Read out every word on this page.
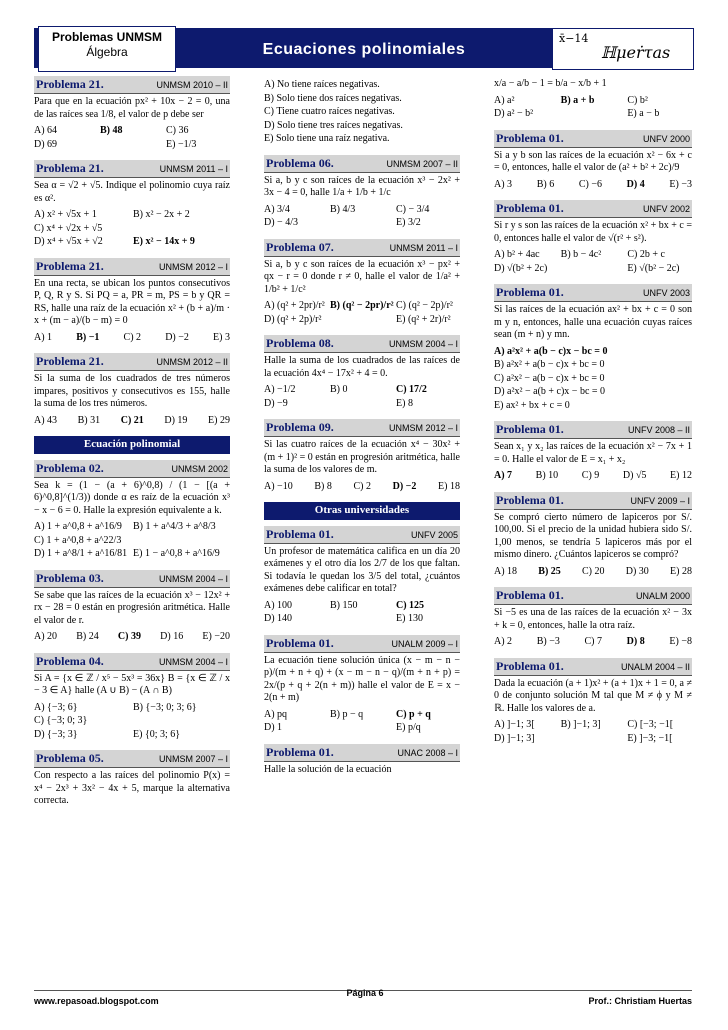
Problemas UNMSM
Álgebra	Ecuaciones polinomiales
x̄−14
ℍμeṙτas
Problema 21.	UNMSM 2010 – II
Para que en la ecuación px² + 10x − 2 = 0, una de las raíces sea 1/8, el valor de p debe ser
A) 64	B) 48	C) 36
D) 69	E) −1/3
Problema 21.	UNMSM 2011 – I
Sea α = √2 + √5. Indique el polinomio cuya raíz es α².
A) x² + √5x + 1	B) x² − 2x + 2
C) x⁴ + √2x + √5
D) x⁴ + √5x + √2	E) x² − 14x + 9
Problema 21.	UNMSM 2012 – I
En una recta, se ubican los puntos consecutivos P, Q, R y S. Si PQ = a, PR = m, PS = b y QR = RS, halle una raíz de la ecuación x² + (b + a)/m · x + (m − a)/(b − m) = 0
A) 1 B) −1 C) 2 D) −2 E) 3
Problema 21.	UNMSM 2012 – II
Si la suma de los cuadrados de tres números impares, positivos y consecutivos es 155, halle la suma de los tres números.
A) 43 B) 31 C) 21 D) 19 E) 29
Ecuación polinomial
Problema 02.	UNMSM 2002
Sea k = (1 − (a + 6)^0,8) / (1 − [(a + 6)^0,8]^(1/3)) donde α es raíz de la ecuación x³ − x − 6 = 0. Halle la expresión equivalente a k.
A) 1 + a^0,8 + a^16/9	B) 1 + a^4/3 + a^8/3
C) 1 + a^0,8 + a^22/3
D) 1 + a^8/1 + a^16/81 E) 1 − a^0,8 + a^16/9
Problema 03.	UNMSM 2004 – I
Se sabe que las raíces de la ecuación x³ − 12x² + rx − 28 = 0 están en progresión aritmética. Halle el valor de r.
A) 20 B) 24 C) 39 D) 16 E) −20
Problema 04.	UNMSM 2004 – I
Si A = {x ∈ ℤ / x⁵ − 5x³ = 36x} B = {x ∈ ℤ / x − 3 ∈ A} halle (A ∪ B) − (A ∩ B)
A) {−3; 6}	B) {−3; 0; 3; 6}
C) {−3; 0; 3}
D) {−3; 3}	E) {0; 3; 6}
Problema 05.	UNMSM 2007 – I
Con respecto a las raíces del polinomio P(x) = x⁴ − 2x³ + 3x² − 4x + 5, marque la alternativa correcta.
A) No tiene raíces negativas.
B) Solo tiene dos raíces negativas.
C) Tiene cuatro raíces negativas.
D) Solo tiene tres raíces negativas.
E) Solo tiene una raíz negativa.
Problema 06.	UNMSM 2007 – II
Si a, b y c son raíces de la ecuación x³ − 2x² + 3x − 4 = 0, halle 1/a + 1/b + 1/c
A) 3/4	B) 4/3	C) − 3/4
D) − 4/3	E) 3/2
Problema 07.	UNMSM 2011 – I
Si a, b y c son raíces de la ecuación x³ − px² + qx − r = 0 donde r ≠ 0, halle el valor de 1/a² + 1/b² + 1/c²
A) (q² + 2pr)/r² B) (q² − 2pr)/r² C) (q² − 2p)/r²
D) (q² + 2p)/r²	E) (q² + 2r)/r²
Problema 08.	UNMSM 2004 – I
Halle la suma de los cuadrados de las raíces de la ecuación 4x⁴ − 17x² + 4 = 0.
A) −1/2	B) 0	C) 17/2
D) −9	E) 8
Problema 09.	UNMSM 2012 – I
Si las cuatro raíces de la ecuación x⁴ − 30x² + (m + 1)² = 0 están en progresión aritmética, halle la suma de los valores de m.
A) −10 B) 8 C) 2 D) −2 E) 18
Otras universidades
Problema 01.	UNFV 2005
Un profesor de matemática califica en un día 20 exámenes y el otro día los 2/7 de los que faltan. Si todavía le quedan los 3/5 del total, ¿cuántos exámenes debe calificar en total?
A) 100	B) 150	C) 125
D) 140	E) 130
Problema 01.	UNALM 2009 – I
La ecuación tiene solución única (x − m − n − p)/(m + n + q) + (x − m − n − q)/(m + n + p) = 2x/(p + q + 2(n + m)) halle el valor de E = x − 2(n + m)
A) pq	B) p − q	C) p + q
D) 1	E) p/q
Problema 01.	UNAC 2008 – I
Halle la solución de la ecuación
x/a − a/b − 1 = b/a − x/b + 1
A) a²	B) a + b	C) b²
D) a² − b²	E) a − b
Problema 01.	UNFV 2000
Si a y b son las raíces de la ecuación x² − 6x + c = 0, entonces, halle el valor de (a² + b² + 2c)/9
A) 3 B) 6 C) −6 D) 4 E) −3
Problema 01.	UNFV 2002
Si r y s son las raíces de la ecuación x² + bx + c = 0, entonces halle el valor de √(r² + s²).
A) b² + 4ac	B) b − 4c²	C) 2b + c
D) √(b² + 2c)	E) √(b² − 2c)
Problema 01.	UNFV 2003
Si las raíces de la ecuación ax² + bx + c = 0 son m y n, entonces, halle una ecuación cuyas raíces sean (m + n) y mn.
A) a²x² + a(b − c)x − bc = 0
B) a²x² + a(b − c)x + bc = 0
C) a²x² − a(b − c)x + bc = 0
D) a²x² − a(b + c)x − bc = 0
E) ax² + bx + c = 0
Problema 01.	UNFV 2008 – II
Sean x₁ y x₂ las raíces de la ecuación x² − 7x + 1 = 0. Halle el valor de E = x₁ + x₂
A) 7 B) 10 C) 9 D) √5 E) 12
Problema 01.	UNFV 2009 – I
Se compró cierto número de lapiceros por S/. 100,00. Si el precio de la unidad hubiera sido S/. 1,00 menos, se tendría 5 lapiceros más por el mismo dinero. ¿Cuántos lapiceros se compró?
A) 18 B) 25 C) 20 D) 30 E) 28
Problema 01.	UNALM 2000
Si −5 es una de las raíces de la ecuación x² − 3x + k = 0, entonces, halle la otra raíz.
A) 2 B) −3 C) 7 D) 8 E) −8
Problema 01.	UNALM 2004 – II
Dada la ecuación (a + 1)x² + (a + 1)x + 1 = 0, a ≠ 0 de conjunto solución M tal que M ≠ ϕ y M ≠ ℝ. Halle los valores de a.
A) ]−1; 3[	B) ]−1; 3]	C) [−3; −1[
D) ]−1; 3]	E) ]−3; −1[
www.repasoad.blogspot.com
Página 6
Prof.: Christiam Huertas
